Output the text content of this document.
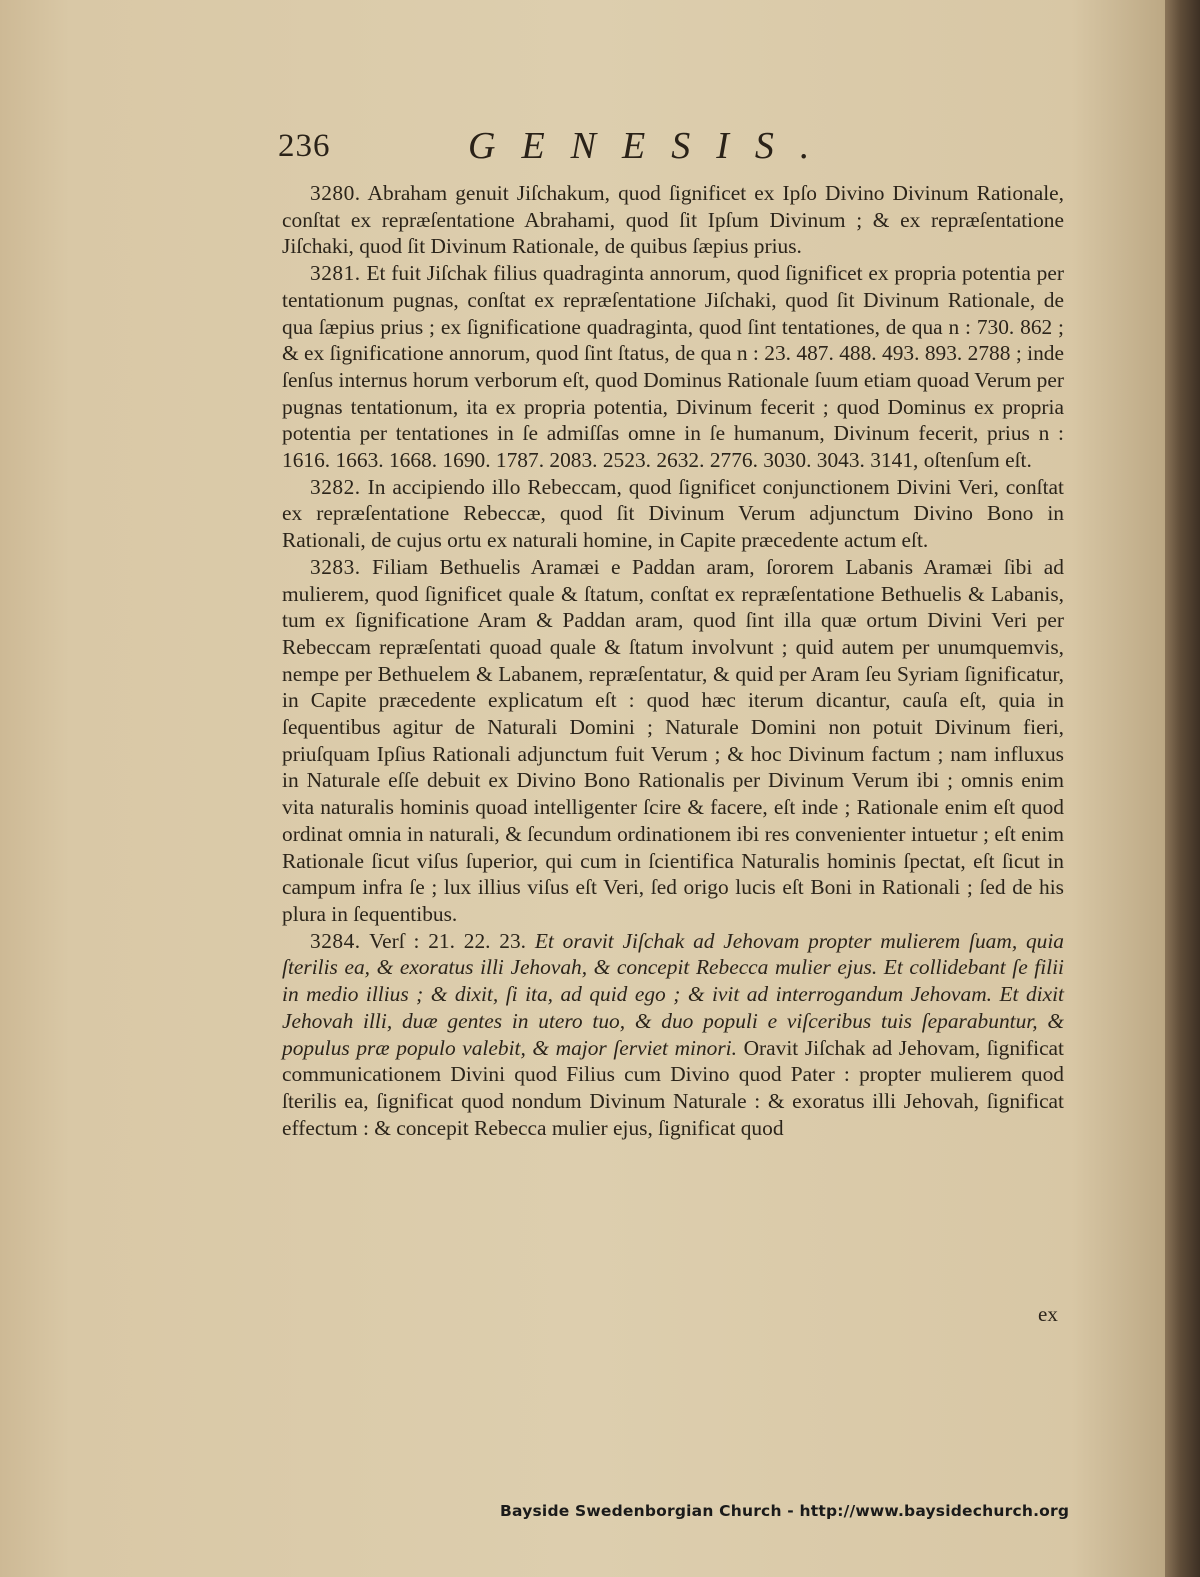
236	GENESIS.

3280. Abraham genuit Jiſchakum, quod ſignificet ex Ipſo Divino Divinum Rationale, conſtat ex repræſentatione Abrahami, quod ſit Ipſum Divinum ; & ex repræſentatione Jiſchaki, quod ſit Divinum Rationale, de quibus ſæpius prius.

3281. Et fuit Jiſchak filius quadraginta annorum, quod ſignificet ex propria potentia per tentationum pugnas, conſtat ex repræſentatione Jiſchaki, quod ſit Divinum Rationale, de qua ſæpius prius ; ex ſignificatione quadraginta, quod ſint tentationes, de qua n : 730. 862 ; & ex ſignificatione annorum, quod ſint ſtatus, de qua n : 23. 487. 488. 493. 893. 2788 ; inde ſenſus internus horum verborum eſt, quod Dominus Rationale ſuum etiam quoad Verum per pugnas tentationum, ita ex propria potentia, Divinum fecerit ; quod Dominus ex propria potentia per tentationes in ſe admiſſas omne in ſe humanum, Divinum fecerit, prius n : 1616. 1663. 1668. 1690. 1787. 2083. 2523. 2632. 2776. 3030. 3043. 3141, oſtenſum eſt.

3282. In accipiendo illo Rebeccam, quod ſignificet conjunctionem Divini Veri, conſtat ex repræſentatione Rebeccæ, quod ſit Divinum Verum adjunctum Divino Bono in Rationali, de cujus ortu ex naturali homine, in Capite præcedente actum eſt.

3283. Filiam Bethuelis Aramæi e Paddan aram, ſororem Labanis Aramæi ſibi ad mulierem, quod ſignificet quale & ſtatum, conſtat ex repræſentatione Bethuelis & Labanis, tum ex ſignificatione Aram & Paddan aram, quod ſint illa quæ ortum Divini Veri per Rebeccam repræſentati quoad quale & ſtatum involvunt ; quid autem per unumquemvis, nempe per Bethuelem & Labanem, repræſentatur, & quid per Aram ſeu Syriam ſignificatur, in Capite præcedente explicatum eſt : quod hæc iterum dicantur, cauſa eſt, quia in ſequentibus agitur de Naturali Domini ; Naturale Domini non potuit Divinum fieri, priuſquam Ipſius Rationali adjunctum fuit Verum ; & hoc Divinum factum ; nam influxus in Naturale eſſe debuit ex Divino Bono Rationalis per Divinum Verum ibi ; omnis enim vita naturalis hominis quoad intelligenter ſcire & facere, eſt inde ; Rationale enim eſt quod ordinat omnia in naturali, & ſecundum ordinationem ibi res convenienter intuetur ; eſt enim Rationale ſicut viſus ſuperior, qui cum in ſcientifica Naturalis hominis ſpectat, eſt ſicut in campum infra ſe ; lux illius viſus eſt Veri, ſed origo lucis eſt Boni in Rationali ; ſed de his plura in ſequentibus.

3284. Verſ : 21. 22. 23. Et oravit Jiſchak ad Jehovam propter mulierem ſuam, quia ſterilis ea, & exoratus illi Jehovah, & concepit Rebecca mulier ejus. Et collidebant ſe filii in medio illius ; & dixit, ſi ita, ad quid ego ; & ivit ad interrogandum Jehovam. Et dixit Jehovah illi, duæ gentes in utero tuo, & duo populi e viſceribus tuis ſeparabuntur, & populus præ populo valebit, & major ſerviet minori. Oravit Jiſchak ad Jehovam, ſignificat communicationem Divini quod Filius cum Divino quod Pater : propter mulierem quod ſterilis ea, ſignificat quod nondum Divinum Naturale : & exoratus illi Jehovah, ſignificat effectum : & concepit Rebecca mulier ejus, ſignificat quod

ex
Bayside Swedenborgian Church - http://www.baysidechurch.org
